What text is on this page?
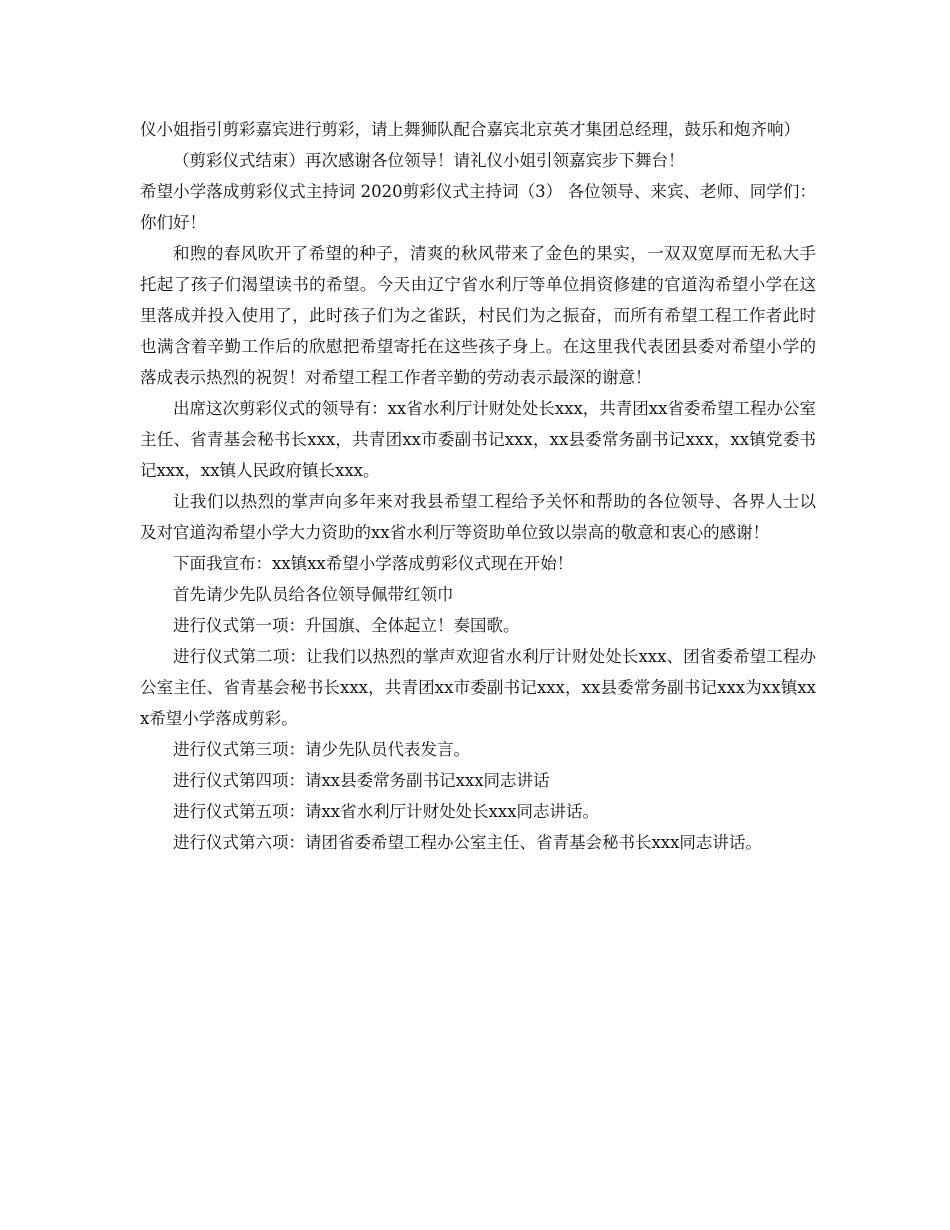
仪小姐指引剪彩嘉宾进行剪彩，请上舞狮队配合嘉宾北京英才集团总经理，鼓乐和炮齐响）

（剪彩仪式结束）再次感谢各位领导！请礼仪小姐引领嘉宾步下舞台！

希望小学落成剪彩仪式主持词 2020剪彩仪式主持词（3） 各位领导、来宾、老师、同学们：你们好！

和煦的春风吹开了希望的种子，清爽的秋风带来了金色的果实，一双双宽厚而无私大手托起了孩子们渴望读书的希望。今天由辽宁省水利厅等单位捐资修建的官道沟希望小学在这里落成并投入使用了，此时孩子们为之雀跃，村民们为之振奋，而所有希望工程工作者此时也满含着辛勤工作后的欣慰把希望寄托在这些孩子身上。在这里我代表团县委对希望小学的落成表示热烈的祝贺！对希望工程工作者辛勤的劳动表示最深的谢意！

出席这次剪彩仪式的领导有：xx省水利厅计财处处长xxx，共青团xx省委希望工程办公室主任、省青基会秘书长xxx，共青团xx市委副书记xxx，xx县委常务副书记xxx，xx镇党委书记xxx，xx镇人民政府镇长xxx。

让我们以热烈的掌声向多年来对我县希望工程给予关怀和帮助的各位领导、各界人士以及对官道沟希望小学大力资助的xx省水利厅等资助单位致以崇高的敬意和衷心的感谢！

下面我宣布：xx镇xx希望小学落成剪彩仪式现在开始！

首先请少先队员给各位领导佩带红领巾

进行仪式第一项：升国旗、全体起立！奏国歌。

进行仪式第二项：让我们以热烈的掌声欢迎省水利厅计财处处长xxx、团省委希望工程办公室主任、省青基会秘书长xxx，共青团xx市委副书记xxx，xx县委常务副书记xxx为xx镇xxx希望小学落成剪彩。

进行仪式第三项：请少先队员代表发言。

进行仪式第四项：请xx县委常务副书记xxx同志讲话

进行仪式第五项：请xx省水利厅计财处处长xxx同志讲话。

进行仪式第六项：请团省委希望工程办公室主任、省青基会秘书长xxx同志讲话。
